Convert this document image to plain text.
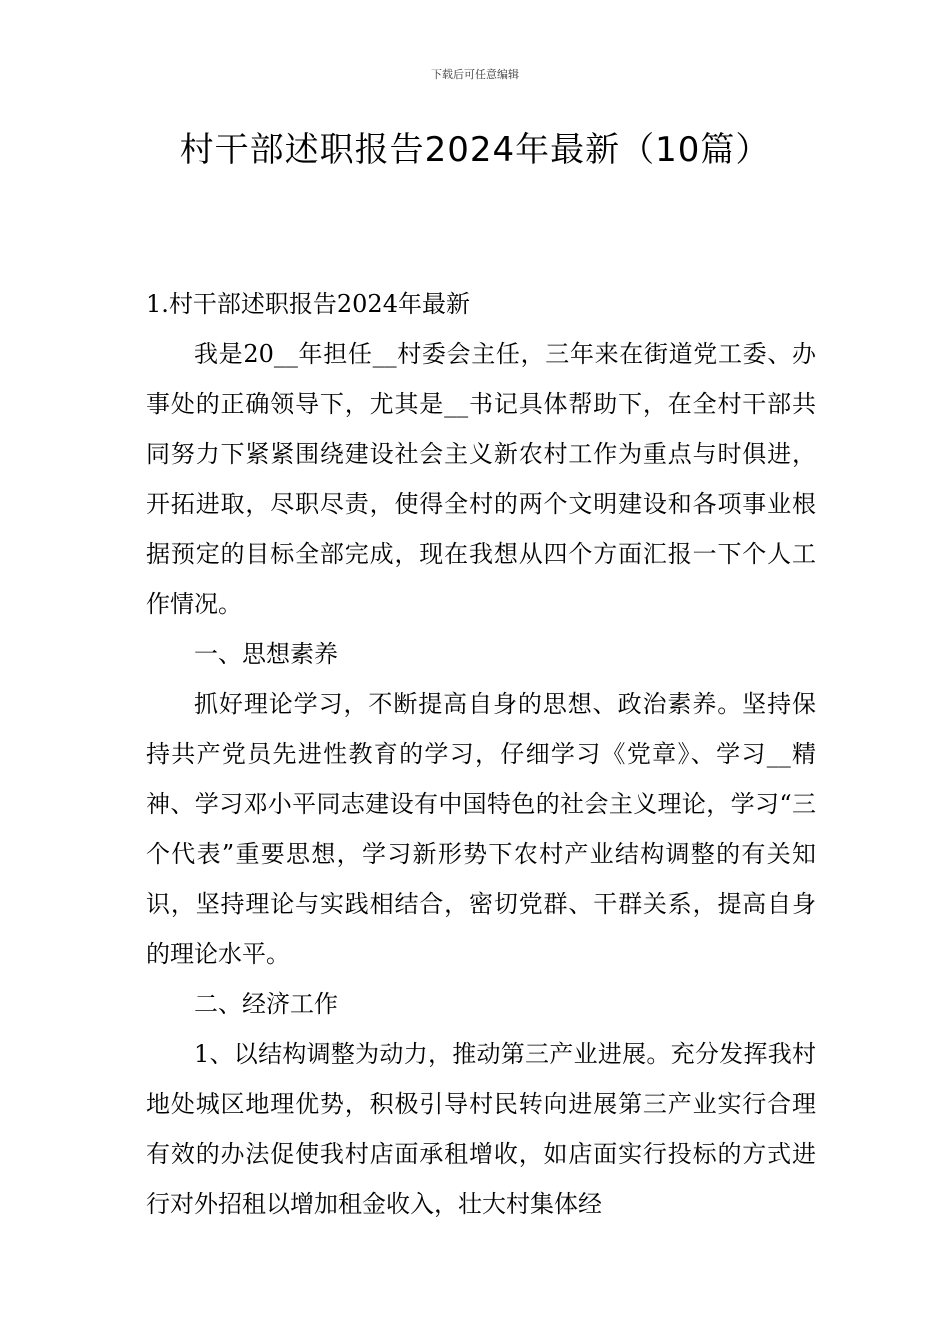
下载后可任意编辑
村干部述职报告2024年最新（10篇）

1.村干部述职报告2024年最新

我是20__年担任__村委会主任，三年来在街道党工委、办事处的正确领导下，尤其是__书记具体帮助下，在全村干部共同努力下紧紧围绕建设社会主义新农村工作为重点与时俱进，开拓进取，尽职尽责，使得全村的两个文明建设和各项事业根据预定的目标全部完成，现在我想从四个方面汇报一下个人工作情况。

一、思想素养

抓好理论学习，不断提高自身的思想、政治素养。坚持保持共产党员先进性教育的学习，仔细学习《党章》、学习__精神、学习邓小平同志建设有中国特色的社会主义理论，学习“三个代表”重要思想，学习新形势下农村产业结构调整的有关知识，坚持理论与实践相结合，密切党群、干群关系，提高自身的理论水平。

二、经济工作

1、以结构调整为动力，推动第三产业进展。充分发挥我村地处城区地理优势，积极引导村民转向进展第三产业实行合理有效的办法促使我村店面承租增收，如店面实行投标的方式进行对外招租以增加租金收入，壮大村集体经
